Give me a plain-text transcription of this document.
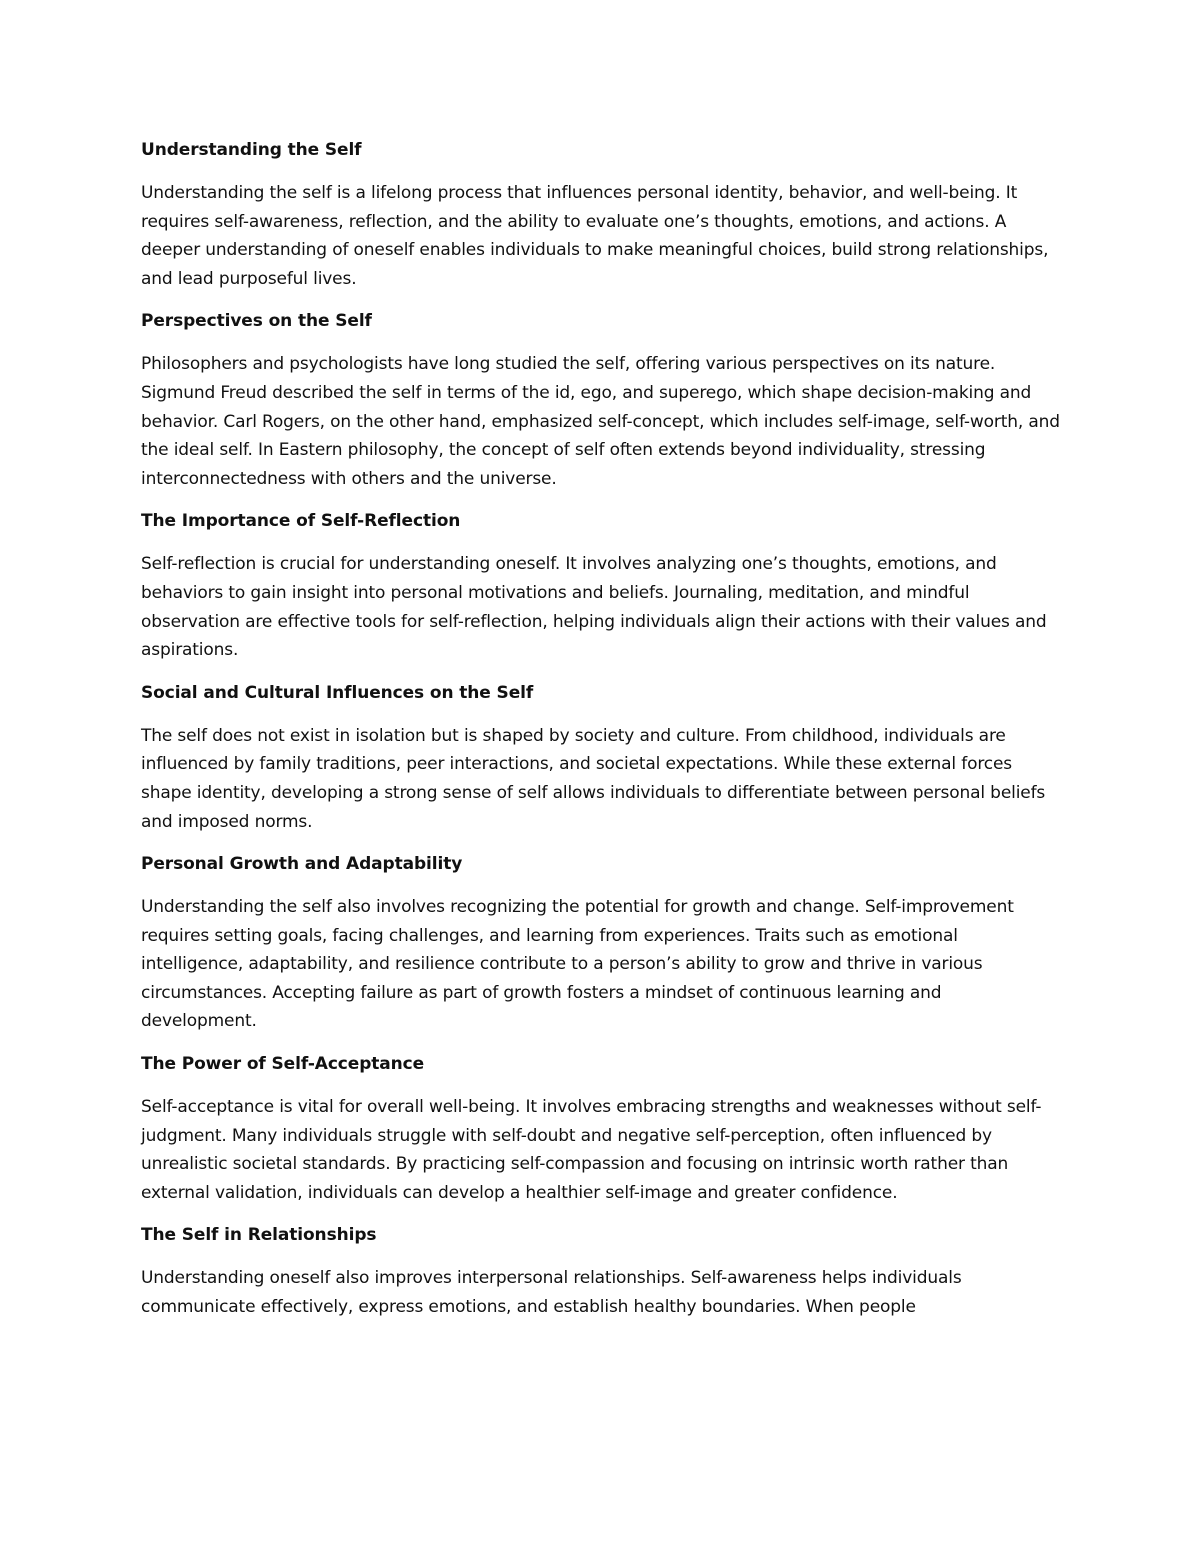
Understanding the Self

Understanding the self is a lifelong process that influences personal identity, behavior, and well-being. It requires self-awareness, reflection, and the ability to evaluate one’s thoughts, emotions, and actions. A deeper understanding of oneself enables individuals to make meaningful choices, build strong relationships, and lead purposeful lives.

Perspectives on the Self

Philosophers and psychologists have long studied the self, offering various perspectives on its nature. Sigmund Freud described the self in terms of the id, ego, and superego, which shape decision-making and behavior. Carl Rogers, on the other hand, emphasized self-concept, which includes self-image, self-worth, and the ideal self. In Eastern philosophy, the concept of self often extends beyond individuality, stressing interconnectedness with others and the universe.

The Importance of Self-Reflection

Self-reflection is crucial for understanding oneself. It involves analyzing one’s thoughts, emotions, and behaviors to gain insight into personal motivations and beliefs. Journaling, meditation, and mindful observation are effective tools for self-reflection, helping individuals align their actions with their values and aspirations.

Social and Cultural Influences on the Self

The self does not exist in isolation but is shaped by society and culture. From childhood, individuals are influenced by family traditions, peer interactions, and societal expectations. While these external forces shape identity, developing a strong sense of self allows individuals to differentiate between personal beliefs and imposed norms.

Personal Growth and Adaptability

Understanding the self also involves recognizing the potential for growth and change. Self-improvement requires setting goals, facing challenges, and learning from experiences. Traits such as emotional intelligence, adaptability, and resilience contribute to a person’s ability to grow and thrive in various circumstances. Accepting failure as part of growth fosters a mindset of continuous learning and development.

The Power of Self-Acceptance

Self-acceptance is vital for overall well-being. It involves embracing strengths and weaknesses without self-judgment. Many individuals struggle with self-doubt and negative self-perception, often influenced by unrealistic societal standards. By practicing self-compassion and focusing on intrinsic worth rather than external validation, individuals can develop a healthier self-image and greater confidence.

The Self in Relationships

Understanding oneself also improves interpersonal relationships. Self-awareness helps individuals communicate effectively, express emotions, and establish healthy boundaries. When people
